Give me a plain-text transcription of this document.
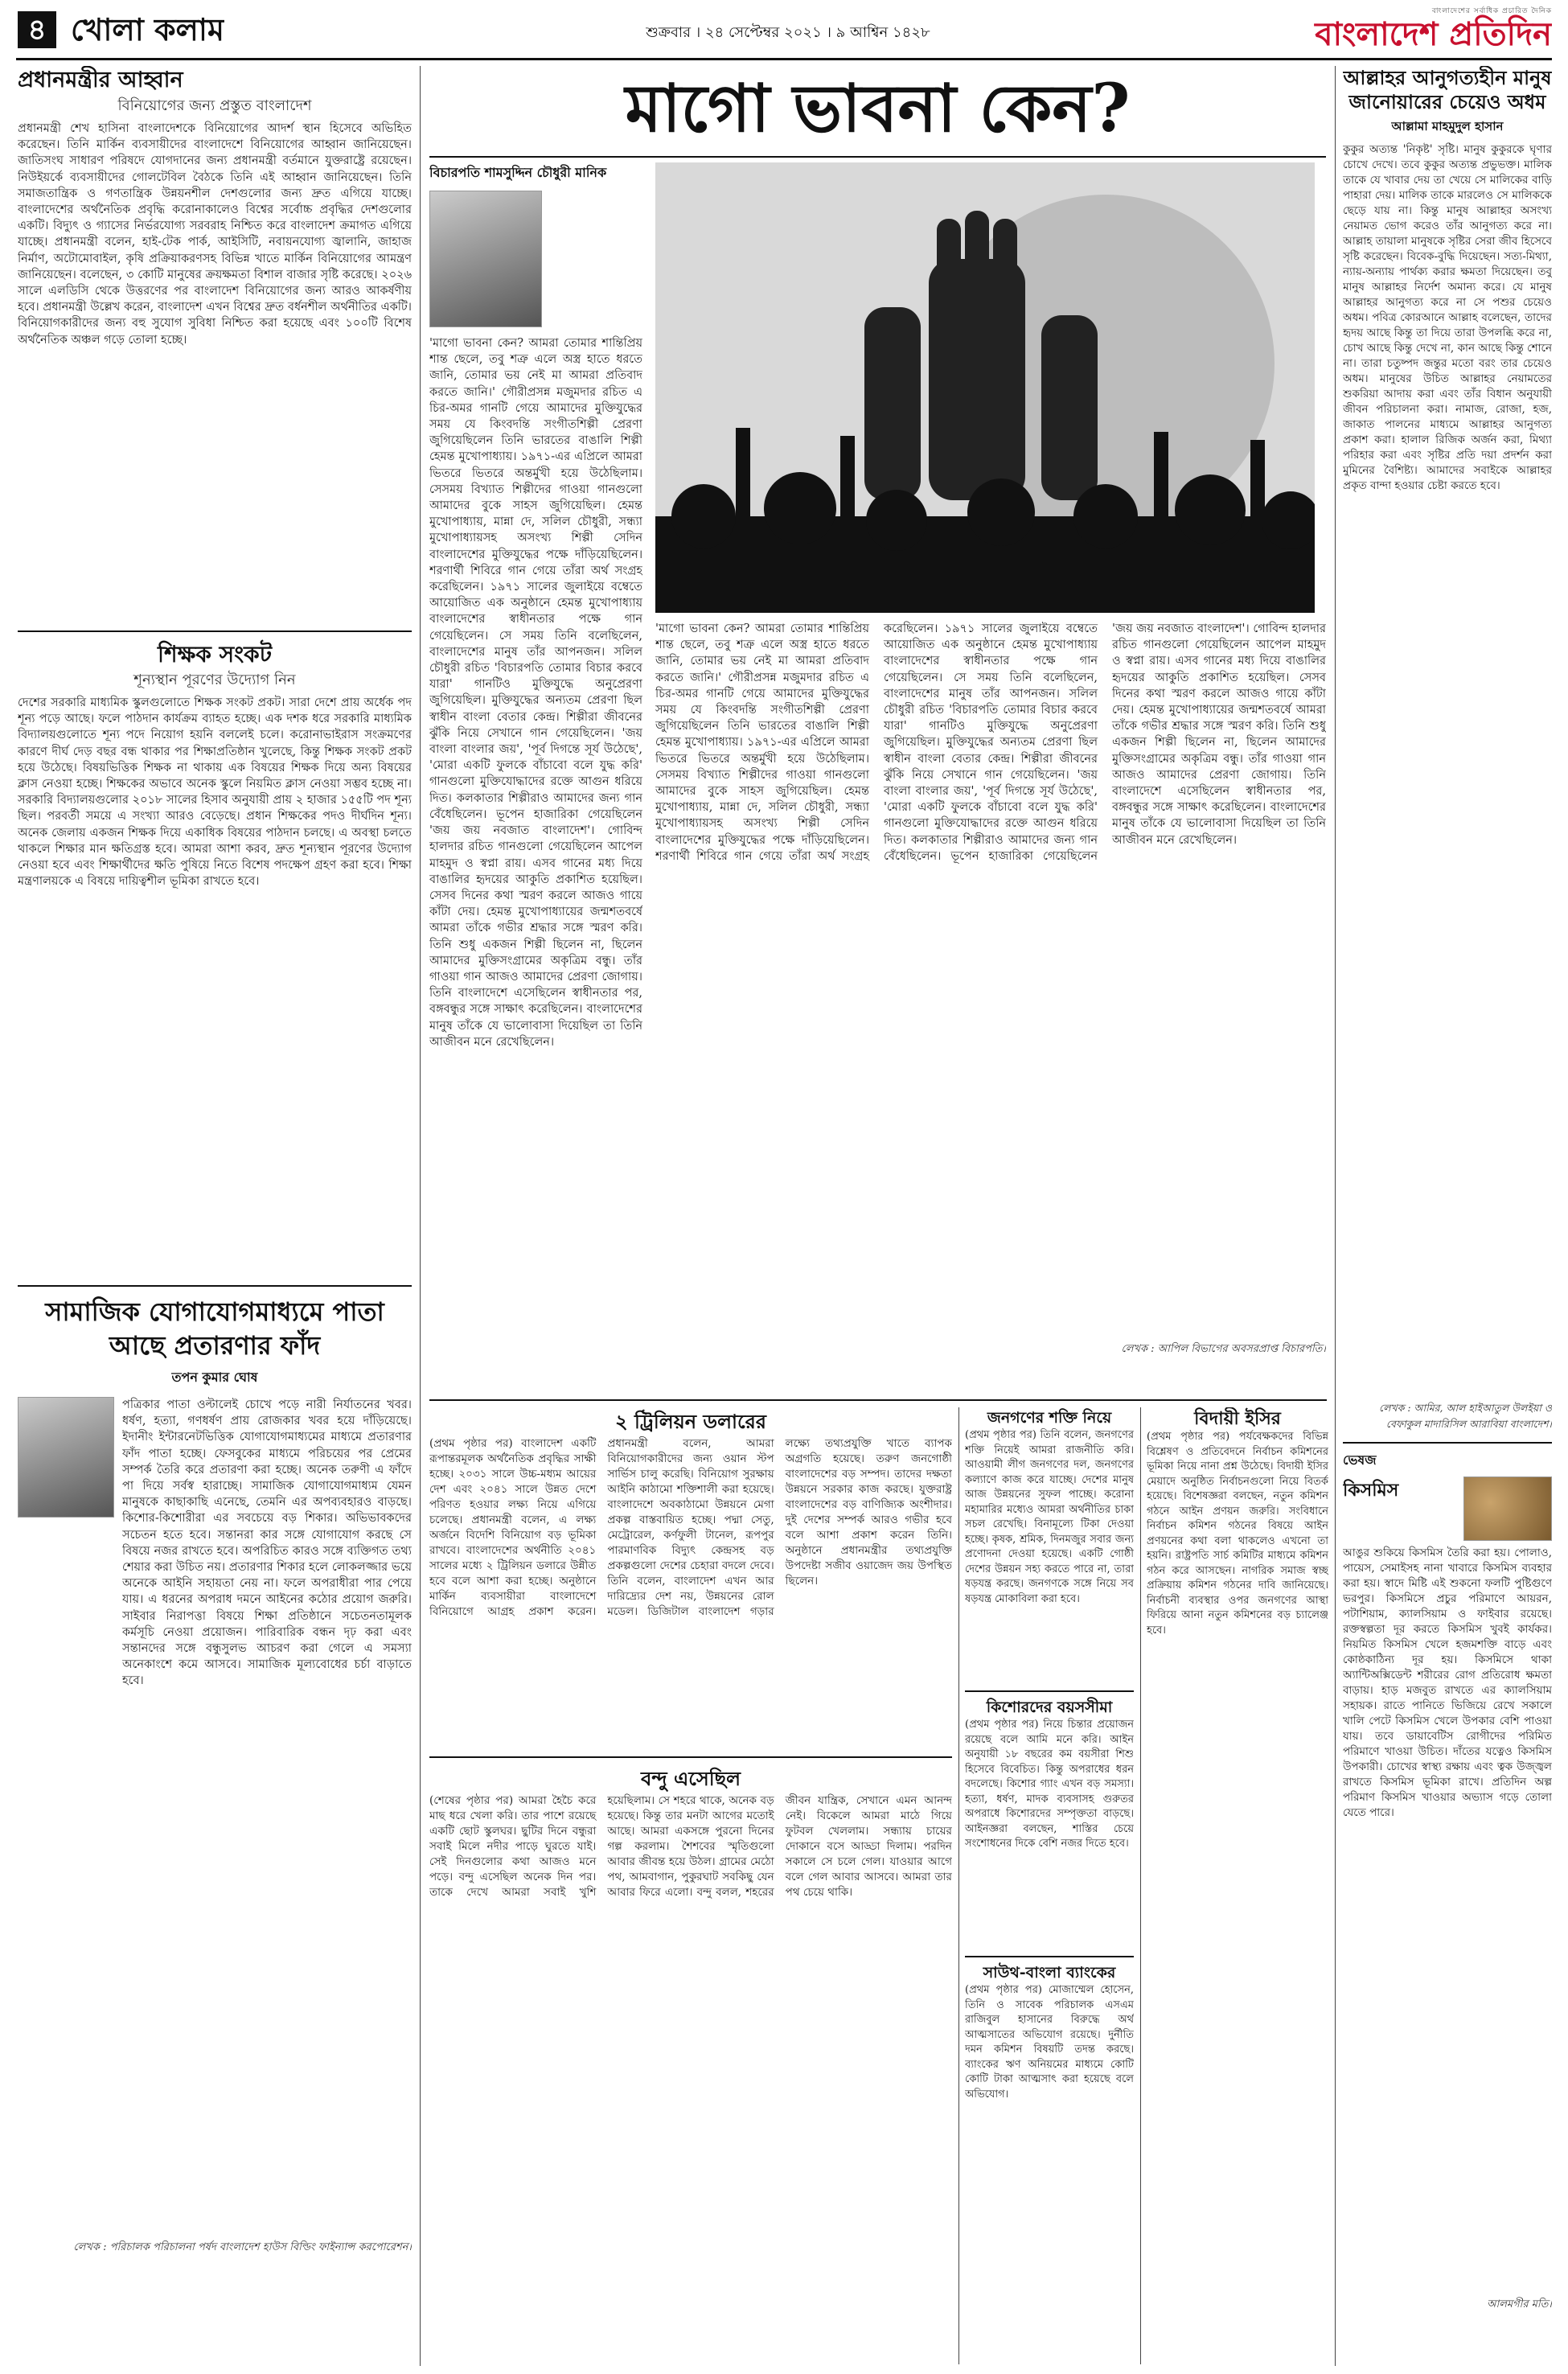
৪ খোলা কলাম	শুক্রবার । ২৪ সেপ্টেম্বর ২০২১ । ৯ আশ্বিন ১৪২৮
বাংলাদেশের সর্বাধিক প্রচারিত দৈনিক
বাংলাদেশ প্রতিদিন
প্রধানমন্ত্রীর আহ্বান
বিনিয়োগের জন্য প্রস্তুত বাংলাদেশ
প্রধানমন্ত্রী শেখ হাসিনা বাংলাদেশকে বিনিয়োগের আদর্শ স্থান হিসেবে অভিহিত করেছেন। তিনি মার্কিন ব্যবসায়ীদের বাংলাদেশে বিনিয়োগের আহ্বান জানিয়েছেন। জাতিসংঘ সাধারণ পরিষদে যোগদানের জন্য প্রধানমন্ত্রী বর্তমানে যুক্তরাষ্ট্রে রয়েছেন। নিউইয়র্কে ব্যবসায়ীদের গোলটেবিল বৈঠকে তিনি এই আহ্বান জানিয়েছেন। তিনি সমাজতান্ত্রিক ও গণতান্ত্রিক উন্নয়নশীল দেশগুলোর জন্য দ্রুত এগিয়ে যাচ্ছে। বাংলাদেশের অর্থনৈতিক প্রবৃদ্ধি করোনাকালেও বিশ্বের সর্বোচ্চ প্রবৃদ্ধির দেশগুলোর একটি। বিদ্যুৎ ও গ্যাসের নির্ভরযোগ্য সরবরাহ নিশ্চিত করে বাংলাদেশ ক্রমাগত এগিয়ে যাচ্ছে। প্রধানমন্ত্রী বলেন, হাই-টেক পার্ক, আইসিটি, নবায়নযোগ্য জ্বালানি, জাহাজ নির্মাণ, অটোমোবাইল, কৃষি প্রক্রিয়াকরণসহ বিভিন্ন খাতে মার্কিন বিনিয়োগের আমন্ত্রণ জানিয়েছেন। বলেছেন, ৩ কোটি মানুষের ক্রয়ক্ষমতা বিশাল বাজার সৃষ্টি করেছে। ২০২৬ সালে এলডিসি থেকে উত্তরণের পর বাংলাদেশ বিনিয়োগের জন্য আরও আকর্ষণীয় হবে। প্রধানমন্ত্রী উল্লেখ করেন, বাংলাদেশ এখন বিশ্বের দ্রুত বর্ধনশীল অর্থনীতির একটি। বিনিয়োগকারীদের জন্য বহু সুযোগ সুবিধা নিশ্চিত করা হয়েছে এবং ১০০টি বিশেষ অর্থনৈতিক অঞ্চল গড়ে তোলা হচ্ছে।
শিক্ষক সংকট
শূন্যস্থান পূরণের উদ্যোগ নিন
দেশের সরকারি মাধ্যমিক স্কুলগুলোতে শিক্ষক সংকট প্রকট। সারা দেশে প্রায় অর্ধেক পদ শূন্য পড়ে আছে। ফলে পাঠদান কার্যক্রম ব্যাহত হচ্ছে। এক দশক ধরে সরকারি মাধ্যমিক বিদ্যালয়গুলোতে শূন্য পদে নিয়োগ হয়নি বললেই চলে। করোনাভাইরাস সংক্রমণের কারণে দীর্ঘ দেড় বছর বন্ধ থাকার পর শিক্ষাপ্রতিষ্ঠান খুলেছে, কিন্তু শিক্ষক সংকট প্রকট হয়ে উঠেছে। বিষয়ভিত্তিক শিক্ষক না থাকায় এক বিষয়ের শিক্ষক দিয়ে অন্য বিষয়ের ক্লাস নেওয়া হচ্ছে। শিক্ষকের অভাবে অনেক স্কুলে নিয়মিত ক্লাস নেওয়া সম্ভব হচ্ছে না। সরকারি বিদ্যালয়গুলোর ২০১৮ সালের হিসাব অনুযায়ী প্রায় ২ হাজার ১৫৫টি পদ শূন্য ছিল। পরবর্তী সময়ে এ সংখ্যা আরও বেড়েছে। প্রধান শিক্ষকের পদও দীর্ঘদিন শূন্য। অনেক জেলায় একজন শিক্ষক দিয়ে একাধিক বিষয়ের পাঠদান চলছে। এ অবস্থা চলতে থাকলে শিক্ষার মান ক্ষতিগ্রস্ত হবে। আমরা আশা করব, দ্রুত শূন্যস্থান পূরণের উদ্যোগ নেওয়া হবে এবং শিক্ষার্থীদের ক্ষতি পুষিয়ে নিতে বিশেষ পদক্ষেপ গ্রহণ করা হবে। শিক্ষা মন্ত্রণালয়কে এ বিষয়ে দায়িত্বশীল ভূমিকা রাখতে হবে।
সামাজিক যোগাযোগমাধ্যমে পাতা আছে প্রতারণার ফাঁদ
তপন কুমার ঘোষ
পত্রিকার পাতা ওল্টালেই চোখে পড়ে নারী নির্যাতনের খবর। ধর্ষণ, হত্যা, গণধর্ষণ প্রায় রোজকার খবর হয়ে দাঁড়িয়েছে। ইদানীং ইন্টারনেটভিত্তিক যোগাযোগমাধ্যমের মাধ্যমে প্রতারণার ফাঁদ পাতা হচ্ছে। ফেসবুকের মাধ্যমে পরিচয়ের পর প্রেমের সম্পর্ক তৈরি করে প্রতারণা করা হচ্ছে। অনেক তরুণী এ ফাঁদে পা দিয়ে সর্বস্ব হারাচ্ছে। সামাজিক যোগাযোগমাধ্যম যেমন মানুষকে কাছাকাছি এনেছে, তেমনি এর অপব্যবহারও বাড়ছে। কিশোর-কিশোরীরা এর সবচেয়ে বড় শিকার। অভিভাবকদের সচেতন হতে হবে। সন্তানরা কার সঙ্গে যোগাযোগ করছে সে বিষয়ে নজর রাখতে হবে। অপরিচিত কারও সঙ্গে ব্যক্তিগত তথ্য শেয়ার করা উচিত নয়। প্রতারণার শিকার হলে লোকলজ্জার ভয়ে অনেকে আইনি সহায়তা নেয় না। ফলে অপরাধীরা পার পেয়ে যায়। এ ধরনের অপরাধ দমনে আইনের কঠোর প্রয়োগ জরুরি। সাইবার নিরাপত্তা বিষয়ে শিক্ষা প্রতিষ্ঠানে সচেতনতামূলক কর্মসূচি নেওয়া প্রয়োজন। পারিবারিক বন্ধন দৃঢ় করা এবং সন্তানদের সঙ্গে বন্ধুসুলভ আচরণ করা গেলে এ সমস্যা অনেকাংশে কমে আসবে। সামাজিক মূল্যবোধের চর্চা বাড়াতে হবে।
লেখক : পরিচালক পরিচালনা পর্ষদ বাংলাদেশ হাউস বিল্ডিং ফাইন্যান্স করপোরেশন।
মাগো ভাবনা কেন?
বিচারপতি শামসুদ্দিন চৌধুরী মানিক
'মাগো ভাবনা কেন? আমরা তোমার শান্তিপ্রিয় শান্ত ছেলে, তবু শত্রু এলে অস্ত্র হাতে ধরতে জানি, তোমার ভয় নেই মা আমরা প্রতিবাদ করতে জানি।' গৌরীপ্রসন্ন মজুমদার রচিত এ চির-অমর গানটি গেয়ে আমাদের মুক্তিযুদ্ধের সময় যে কিংবদন্তি সংগীতশিল্পী প্রেরণা জুগিয়েছিলেন তিনি ভারতের বাঙালি শিল্পী হেমন্ত মুখোপাধ্যায়। ১৯৭১-এর এপ্রিলে আমরা ভিতরে ভিতরে অন্তর্মুখী হয়ে উঠেছিলাম। সেসময় বিখ্যাত শিল্পীদের গাওয়া গানগুলো আমাদের বুকে সাহস জুগিয়েছিল। হেমন্ত মুখোপাধ্যায়, মান্না দে, সলিল চৌধুরী, সন্ধ্যা মুখোপাধ্যায়সহ অসংখ্য শিল্পী সেদিন বাংলাদেশের মুক্তিযুদ্ধের পক্ষে দাঁড়িয়েছিলেন। শরণার্থী শিবিরে গান গেয়ে তাঁরা অর্থ সংগ্রহ করেছিলেন। ১৯৭১ সালের জুলাইয়ে বম্বেতে আয়োজিত এক অনুষ্ঠানে হেমন্ত মুখোপাধ্যায় বাংলাদেশের স্বাধীনতার পক্ষে গান গেয়েছিলেন। সে সময় তিনি বলেছিলেন, বাংলাদেশের মানুষ তাঁর আপনজন। সলিল চৌধুরী রচিত 'বিচারপতি তোমার বিচার করবে যারা' গানটিও মুক্তিযুদ্ধে অনুপ্রেরণা জুগিয়েছিল। মুক্তিযুদ্ধের অন্যতম প্রেরণা ছিল স্বাধীন বাংলা বেতার কেন্দ্র। শিল্পীরা জীবনের ঝুঁকি নিয়ে সেখানে গান গেয়েছিলেন। 'জয় বাংলা বাংলার জয়', 'পূর্ব দিগন্তে সূর্য উঠেছে', 'মোরা একটি ফুলকে বাঁচাবো বলে যুদ্ধ করি' গানগুলো মুক্তিযোদ্ধাদের রক্তে আগুন ধরিয়ে দিত। কলকাতার শিল্পীরাও আমাদের জন্য গান বেঁধেছিলেন। ভূপেন হাজারিকা গেয়েছিলেন 'জয় জয় নবজাত বাংলাদেশ'। গোবিন্দ হালদার রচিত গানগুলো গেয়েছিলেন আপেল মাহমুদ ও স্বপ্না রায়। এসব গানের মধ্য দিয়ে বাঙালির হৃদয়ের আকুতি প্রকাশিত হয়েছিল। সেসব দিনের কথা স্মরণ করলে আজও গায়ে কাঁটা দেয়। হেমন্ত মুখোপাধ্যায়ের জন্মশতবর্ষে আমরা তাঁকে গভীর শ্রদ্ধার সঙ্গে স্মরণ করি। তিনি শুধু একজন শিল্পী ছিলেন না, ছিলেন আমাদের মুক্তিসংগ্রামের অকৃত্রিম বন্ধু। তাঁর গাওয়া গান আজও আমাদের প্রেরণা জোগায়। তিনি বাংলাদেশে এসেছিলেন স্বাধীনতার পর, বঙ্গবন্ধুর সঙ্গে সাক্ষাৎ করেছিলেন। বাংলাদেশের মানুষ তাঁকে যে ভালোবাসা দিয়েছিল তা তিনি আজীবন মনে রেখেছিলেন।
'মাগো ভাবনা কেন? আমরা তোমার শান্তিপ্রিয় শান্ত ছেলে, তবু শত্রু এলে অস্ত্র হাতে ধরতে জানি, তোমার ভয় নেই মা আমরা প্রতিবাদ করতে জানি।' গৌরীপ্রসন্ন মজুমদার রচিত এ চির-অমর গানটি গেয়ে আমাদের মুক্তিযুদ্ধের সময় যে কিংবদন্তি সংগীতশিল্পী প্রেরণা জুগিয়েছিলেন তিনি ভারতের বাঙালি শিল্পী হেমন্ত মুখোপাধ্যায়। ১৯৭১-এর এপ্রিলে আমরা ভিতরে ভিতরে অন্তর্মুখী হয়ে উঠেছিলাম। সেসময় বিখ্যাত শিল্পীদের গাওয়া গানগুলো আমাদের বুকে সাহস জুগিয়েছিল। হেমন্ত মুখোপাধ্যায়, মান্না দে, সলিল চৌধুরী, সন্ধ্যা মুখোপাধ্যায়সহ অসংখ্য শিল্পী সেদিন বাংলাদেশের মুক্তিযুদ্ধের পক্ষে দাঁড়িয়েছিলেন। শরণার্থী শিবিরে গান গেয়ে তাঁরা অর্থ সংগ্রহ করেছিলেন। ১৯৭১ সালের জুলাইয়ে বম্বেতে আয়োজিত এক অনুষ্ঠানে হেমন্ত মুখোপাধ্যায় বাংলাদেশের স্বাধীনতার পক্ষে গান গেয়েছিলেন। সে সময় তিনি বলেছিলেন, বাংলাদেশের মানুষ তাঁর আপনজন। সলিল চৌধুরী রচিত 'বিচারপতি তোমার বিচার করবে যারা' গানটিও মুক্তিযুদ্ধে অনুপ্রেরণা জুগিয়েছিল। মুক্তিযুদ্ধের অন্যতম প্রেরণা ছিল স্বাধীন বাংলা বেতার কেন্দ্র। শিল্পীরা জীবনের ঝুঁকি নিয়ে সেখানে গান গেয়েছিলেন। 'জয় বাংলা বাংলার জয়', 'পূর্ব দিগন্তে সূর্য উঠেছে', 'মোরা একটি ফুলকে বাঁচাবো বলে যুদ্ধ করি' গানগুলো মুক্তিযোদ্ধাদের রক্তে আগুন ধরিয়ে দিত। কলকাতার শিল্পীরাও আমাদের জন্য গান বেঁধেছিলেন। ভূপেন হাজারিকা গেয়েছিলেন 'জয় জয় নবজাত বাংলাদেশ'। গোবিন্দ হালদার রচিত গানগুলো গেয়েছিলেন আপেল মাহমুদ ও স্বপ্না রায়। এসব গানের মধ্য দিয়ে বাঙালির হৃদয়ের আকুতি প্রকাশিত হয়েছিল। সেসব দিনের কথা স্মরণ করলে আজও গায়ে কাঁটা দেয়। হেমন্ত মুখোপাধ্যায়ের জন্মশতবর্ষে আমরা তাঁকে গভীর শ্রদ্ধার সঙ্গে স্মরণ করি। তিনি শুধু একজন শিল্পী ছিলেন না, ছিলেন আমাদের মুক্তিসংগ্রামের অকৃত্রিম বন্ধু। তাঁর গাওয়া গান আজও আমাদের প্রেরণা জোগায়। তিনি বাংলাদেশে এসেছিলেন স্বাধীনতার পর, বঙ্গবন্ধুর সঙ্গে সাক্ষাৎ করেছিলেন। বাংলাদেশের মানুষ তাঁকে যে ভালোবাসা দিয়েছিল তা তিনি আজীবন মনে রেখেছিলেন।
লেখক : আপিল বিভাগের অবসরপ্রাপ্ত বিচারপতি।
আল্লাহর আনুগত্যহীন মানুষ জানোয়ারের চেয়েও অধম
আল্লামা মাহমুদুল হাসান
কুকুর অত্যন্ত 'নিকৃষ্ট' সৃষ্টি। মানুষ কুকুরকে ঘৃণার চোখে দেখে। তবে কুকুর অত্যন্ত প্রভুভক্ত। মালিক তাকে যে খাবার দেয় তা খেয়ে সে মালিকের বাড়ি পাহারা দেয়। মালিক তাকে মারলেও সে মালিককে ছেড়ে যায় না। কিন্তু মানুষ আল্লাহর অসংখ্য নেয়ামত ভোগ করেও তাঁর আনুগত্য করে না। আল্লাহ তায়ালা মানুষকে সৃষ্টির সেরা জীব হিসেবে সৃষ্টি করেছেন। বিবেক-বুদ্ধি দিয়েছেন। সত্য-মিথ্যা, ন্যায়-অন্যায় পার্থক্য করার ক্ষমতা দিয়েছেন। তবু মানুষ আল্লাহর নির্দেশ অমান্য করে। যে মানুষ আল্লাহর আনুগত্য করে না সে পশুর চেয়েও অধম। পবিত্র কোরআনে আল্লাহ বলেছেন, তাদের হৃদয় আছে কিন্তু তা দিয়ে তারা উপলব্ধি করে না, চোখ আছে কিন্তু দেখে না, কান আছে কিন্তু শোনে না। তারা চতুষ্পদ জন্তুর মতো বরং তার চেয়েও অধম। মানুষের উচিত আল্লাহর নেয়ামতের শুকরিয়া আদায় করা এবং তাঁর বিধান অনুযায়ী জীবন পরিচালনা করা। নামাজ, রোজা, হজ, জাকাত পালনের মাধ্যমে আল্লাহর আনুগত্য প্রকাশ করা। হালাল রিজিক অর্জন করা, মিথ্যা পরিহার করা এবং সৃষ্টির প্রতি দয়া প্রদর্শন করা মুমিনের বৈশিষ্ট্য। আমাদের সবাইকে আল্লাহর প্রকৃত বান্দা হওয়ার চেষ্টা করতে হবে।
লেখক : আমির, আল হাইআতুল উলইয়া ও বেফাকুল মাদারিসিল আরাবিয়া বাংলাদেশ।
ভেষজ
কিসমিস
আঙুর শুকিয়ে কিসমিস তৈরি করা হয়। পোলাও, পায়েস, সেমাইসহ নানা খাবারে কিসমিস ব্যবহার করা হয়। স্বাদে মিষ্টি এই শুকনো ফলটি পুষ্টিগুণে ভরপুর। কিসমিসে প্রচুর পরিমাণে আয়রন, পটাশিয়াম, ক্যালসিয়াম ও ফাইবার রয়েছে। রক্তস্বল্পতা দূর করতে কিসমিস খুবই কার্যকর। নিয়মিত কিসমিস খেলে হজমশক্তি বাড়ে এবং কোষ্ঠকাঠিন্য দূর হয়। কিসমিসে থাকা অ্যান্টিঅক্সিডেন্ট শরীরের রোগ প্রতিরোধ ক্ষমতা বাড়ায়। হাড় মজবুত রাখতে এর ক্যালসিয়াম সহায়ক। রাতে পানিতে ভিজিয়ে রেখে সকালে খালি পেটে কিসমিস খেলে উপকার বেশি পাওয়া যায়। তবে ডায়াবেটিস রোগীদের পরিমিত পরিমাণে খাওয়া উচিত। দাঁতের যত্নেও কিসমিস উপকারী। চোখের স্বাস্থ্য রক্ষায় এবং ত্বক উজ্জ্বল রাখতে কিসমিস ভূমিকা রাখে। প্রতিদিন অল্প পরিমাণ কিসমিস খাওয়ার অভ্যাস গড়ে তোলা যেতে পারে।
আলমগীর মতি।
২ ট্রিলিয়ন ডলারের
(প্রথম পৃষ্ঠার পর) বাংলাদেশ একটি রূপান্তরমূলক অর্থনৈতিক প্রবৃদ্ধির সাক্ষী হচ্ছে। ২০৩১ সালে উচ্চ-মধ্যম আয়ের দেশ এবং ২০৪১ সালে উন্নত দেশে পরিণত হওয়ার লক্ষ্য নিয়ে এগিয়ে চলেছে। প্রধানমন্ত্রী বলেন, এ লক্ষ্য অর্জনে বিদেশি বিনিয়োগ বড় ভূমিকা রাখবে। বাংলাদেশের অর্থনীতি ২০৪১ সালের মধ্যে ২ ট্রিলিয়ন ডলারে উন্নীত হবে বলে আশা করা হচ্ছে। অনুষ্ঠানে মার্কিন ব্যবসায়ীরা বাংলাদেশে বিনিয়োগে আগ্রহ প্রকাশ করেন। প্রধানমন্ত্রী বলেন, আমরা বিনিয়োগকারীদের জন্য ওয়ান স্টপ সার্ভিস চালু করেছি। বিনিয়োগ সুরক্ষায় আইনি কাঠামো শক্তিশালী করা হয়েছে। বাংলাদেশে অবকাঠামো উন্নয়নে মেগা প্রকল্প বাস্তবায়িত হচ্ছে। পদ্মা সেতু, মেট্রোরেল, কর্ণফুলী টানেল, রূপপুর পারমাণবিক বিদ্যুৎ কেন্দ্রসহ বড় প্রকল্পগুলো দেশের চেহারা বদলে দেবে। তিনি বলেন, বাংলাদেশ এখন আর দারিদ্র্যের দেশ নয়, উন্নয়নের রোল মডেল। ডিজিটাল বাংলাদেশ গড়ার লক্ষ্যে তথ্যপ্রযুক্তি খাতে ব্যাপক অগ্রগতি হয়েছে। তরুণ জনগোষ্ঠী বাংলাদেশের বড় সম্পদ। তাদের দক্ষতা উন্নয়নে সরকার কাজ করছে। যুক্তরাষ্ট্র বাংলাদেশের বড় বাণিজ্যিক অংশীদার। দুই দেশের সম্পর্ক আরও গভীর হবে বলে আশা প্রকাশ করেন তিনি। অনুষ্ঠানে প্রধানমন্ত্রীর তথ্যপ্রযুক্তি উপদেষ্টা সজীব ওয়াজেদ জয় উপস্থিত ছিলেন।
বন্দু এসেছিল
(শেষের পৃষ্ঠার পর) আমরা হৈচৈ করে মাছ ধরে খেলা করি। তার পাশে রয়েছে একটি ছোট স্কুলঘর। ছুটির দিনে বন্ধুরা সবাই মিলে নদীর পাড়ে ঘুরতে যাই। সেই দিনগুলোর কথা আজও মনে পড়ে। বন্দু এসেছিল অনেক দিন পর। তাকে দেখে আমরা সবাই খুশি হয়েছিলাম। সে শহরে থাকে, অনেক বড় হয়েছে। কিন্তু তার মনটা আগের মতোই আছে। আমরা একসঙ্গে পুরনো দিনের গল্প করলাম। শৈশবের স্মৃতিগুলো আবার জীবন্ত হয়ে উঠল। গ্রামের মেঠো পথ, আমবাগান, পুকুরঘাট সবকিছু যেন আবার ফিরে এলো। বন্দু বলল, শহরের জীবন যান্ত্রিক, সেখানে এমন আনন্দ নেই। বিকেলে আমরা মাঠে গিয়ে ফুটবল খেললাম। সন্ধ্যায় চায়ের দোকানে বসে আড্ডা দিলাম। পরদিন সকালে সে চলে গেল। যাওয়ার আগে বলে গেল আবার আসবে। আমরা তার পথ চেয়ে থাকি।
জনগণের শক্তি নিয়ে
(প্রথম পৃষ্ঠার পর) তিনি বলেন, জনগণের শক্তি নিয়েই আমরা রাজনীতি করি। আওয়ামী লীগ জনগণের দল, জনগণের কল্যাণে কাজ করে যাচ্ছে। দেশের মানুষ আজ উন্নয়নের সুফল পাচ্ছে। করোনা মহামারির মধ্যেও আমরা অর্থনীতির চাকা সচল রেখেছি। বিনামূল্যে টিকা দেওয়া হচ্ছে। কৃষক, শ্রমিক, দিনমজুর সবার জন্য প্রণোদনা দেওয়া হয়েছে। একটি গোষ্ঠী দেশের উন্নয়ন সহ্য করতে পারে না, তারা ষড়যন্ত্র করছে। জনগণকে সঙ্গে নিয়ে সব ষড়যন্ত্র মোকাবিলা করা হবে।
কিশোরদের বয়সসীমা
(প্রথম পৃষ্ঠার পর) নিয়ে চিন্তার প্রয়োজন রয়েছে বলে আমি মনে করি। আইন অনুযায়ী ১৮ বছরের কম বয়সীরা শিশু হিসেবে বিবেচিত। কিন্তু অপরাধের ধরন বদলেছে। কিশোর গ্যাং এখন বড় সমস্যা। হত্যা, ধর্ষণ, মাদক ব্যবসাসহ গুরুতর অপরাধে কিশোরদের সম্পৃক্ততা বাড়ছে। আইনজ্ঞরা বলছেন, শাস্তির চেয়ে সংশোধনের দিকে বেশি নজর দিতে হবে।
সাউথ-বাংলা ব্যাংকের
(প্রথম পৃষ্ঠার পর) মোজাম্মেল হোসেন, তিনি ও সাবেক পরিচালক এসএম রাজিবুল হাসানের বিরুদ্ধে অর্থ আত্মসাতের অভিযোগ রয়েছে। দুর্নীতি দমন কমিশন বিষয়টি তদন্ত করছে। ব্যাংকের ঋণ অনিয়মের মাধ্যমে কোটি কোটি টাকা আত্মসাৎ করা হয়েছে বলে অভিযোগ।
বিদায়ী ইসির
(প্রথম পৃষ্ঠার পর) পর্যবেক্ষকদের বিভিন্ন বিশ্লেষণ ও প্রতিবেদনে নির্বাচন কমিশনের ভূমিকা নিয়ে নানা প্রশ্ন উঠেছে। বিদায়ী ইসির মেয়াদে অনুষ্ঠিত নির্বাচনগুলো নিয়ে বিতর্ক হয়েছে। বিশেষজ্ঞরা বলছেন, নতুন কমিশন গঠনে আইন প্রণয়ন জরুরি। সংবিধানে নির্বাচন কমিশন গঠনের বিষয়ে আইন প্রণয়নের কথা বলা থাকলেও এখনো তা হয়নি। রাষ্ট্রপতি সার্চ কমিটির মাধ্যমে কমিশন গঠন করে আসছেন। নাগরিক সমাজ স্বচ্ছ প্রক্রিয়ায় কমিশন গঠনের দাবি জানিয়েছে। নির্বাচনী ব্যবস্থার ওপর জনগণের আস্থা ফিরিয়ে আনা নতুন কমিশনের বড় চ্যালেঞ্জ হবে।
